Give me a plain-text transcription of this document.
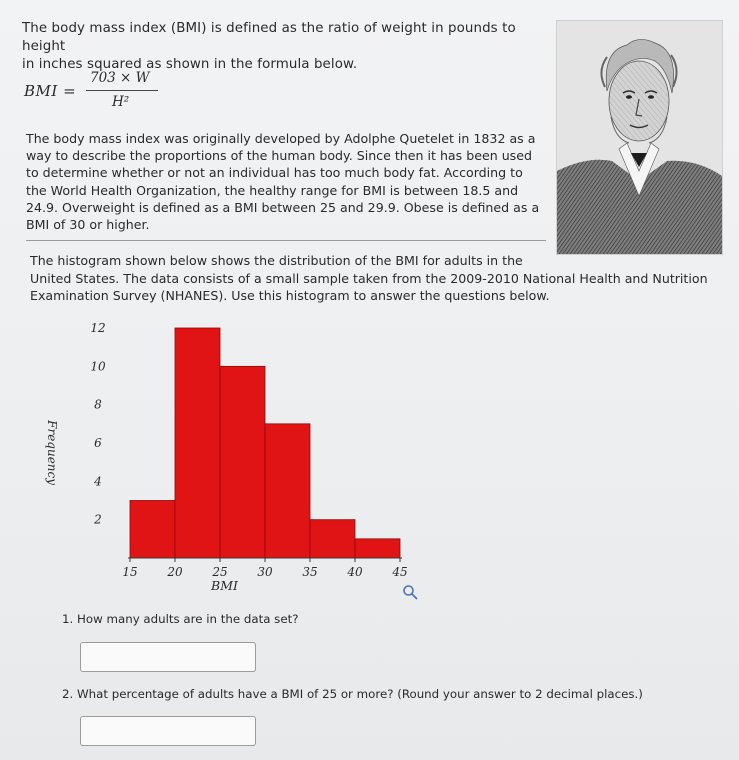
The body mass index (BMI) is defined as the ratio of weight in pounds to height
in inches squared as shown in the formula below.
BMI =
703 × W
H²
The body mass index was originally developed by Adolphe Quetelet in 1832 as a
way to describe the proportions of the human body. Since then it has been used
to determine whether or not an individual has too much body fat. According to
the World Health Organization, the healthy range for BMI is between 18.5 and
24.9. Overweight is defined as a BMI between 25 and 29.9. Obese is defined as a
BMI of 30 or higher.
The histogram shown below shows the distribution of the BMI for adults in the
United States. The data consists of a small sample taken from the 2009-2010 National Health and Nutrition
Examination Survey (NHANES). Use this histogram to answer the questions below.
15 20 25 30 35 40 45
2
4
6
8
10
12
BMI
Frequency
1. How many adults are in the data set?
2. What percentage of adults have a BMI of 25 or more? (Round your answer to 2 decimal places.)
